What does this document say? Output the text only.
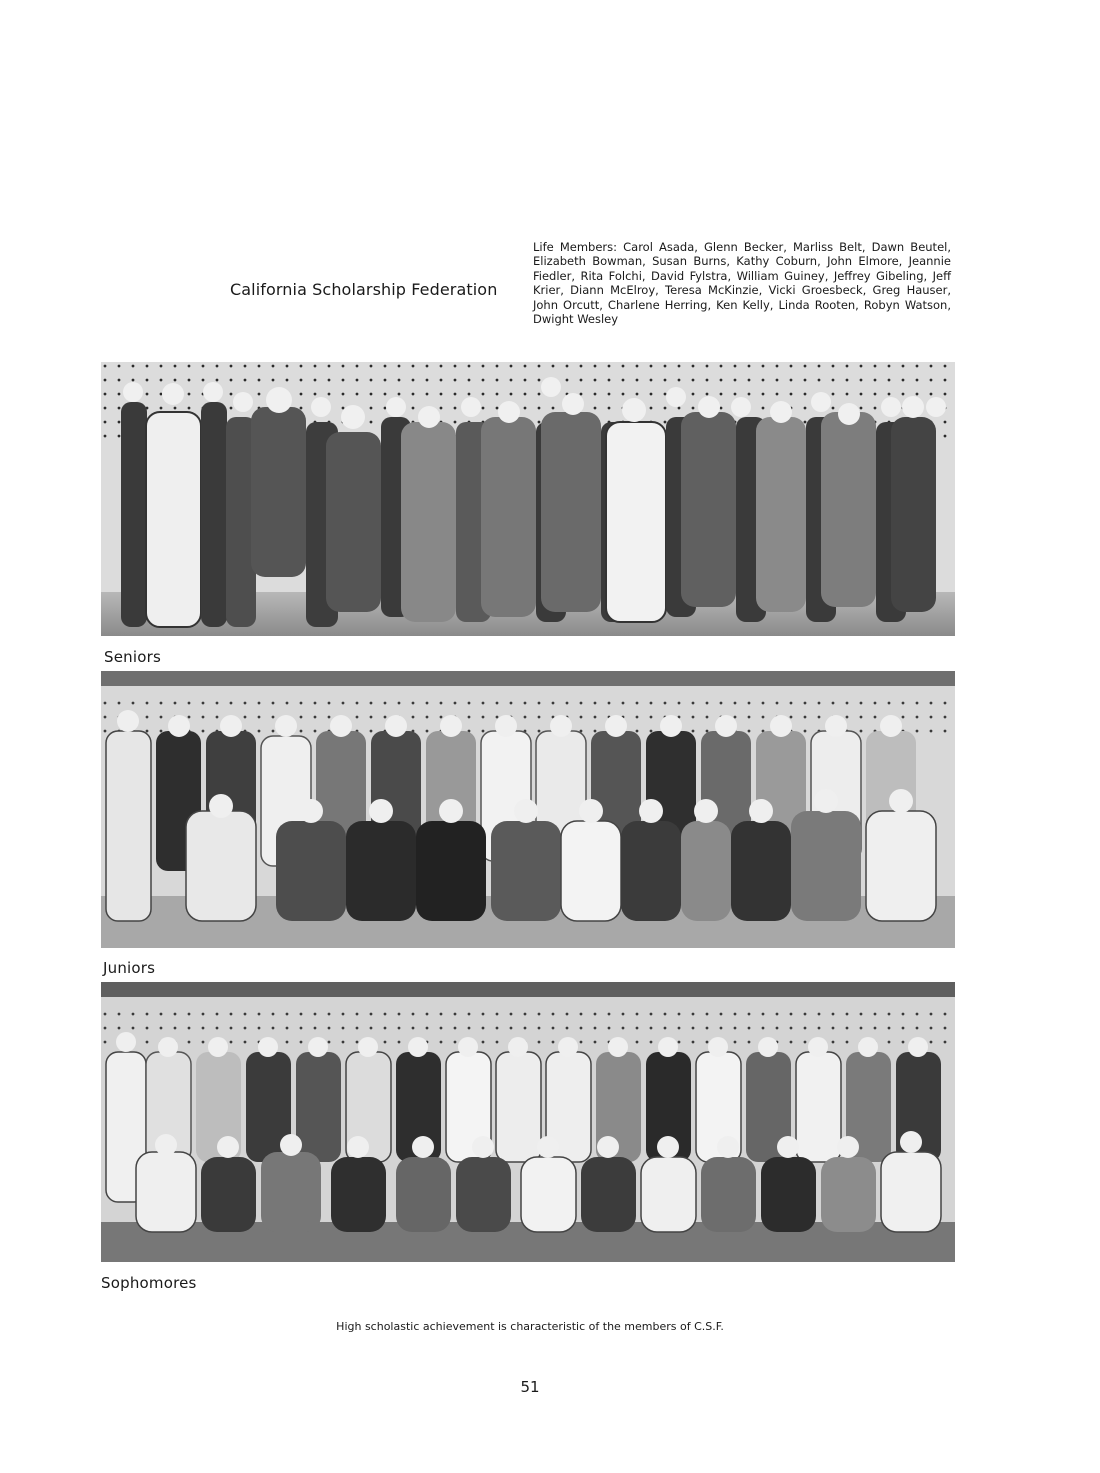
California Scholarship Federation
Life Members: Carol Asada, Glenn Becker, Marliss Belt, Dawn Beutel, Elizabeth Bowman, Susan Burns, Kathy Coburn, John Elmore, Jeannie Fiedler, Rita Folchi, David Fylstra, William Guiney, Jeffrey Gibeling, Jeff Krier, Diann McElroy, Teresa McKinzie, Vicki Groesbeck, Greg Hauser, John Orcutt, Charlene Herring, Ken Kelly, Linda Rooten, Robyn Watson, Dwight Wesley
Seniors
Juniors
Sophomores
High scholastic achievement is characteristic of the members of C.S.F.
51
